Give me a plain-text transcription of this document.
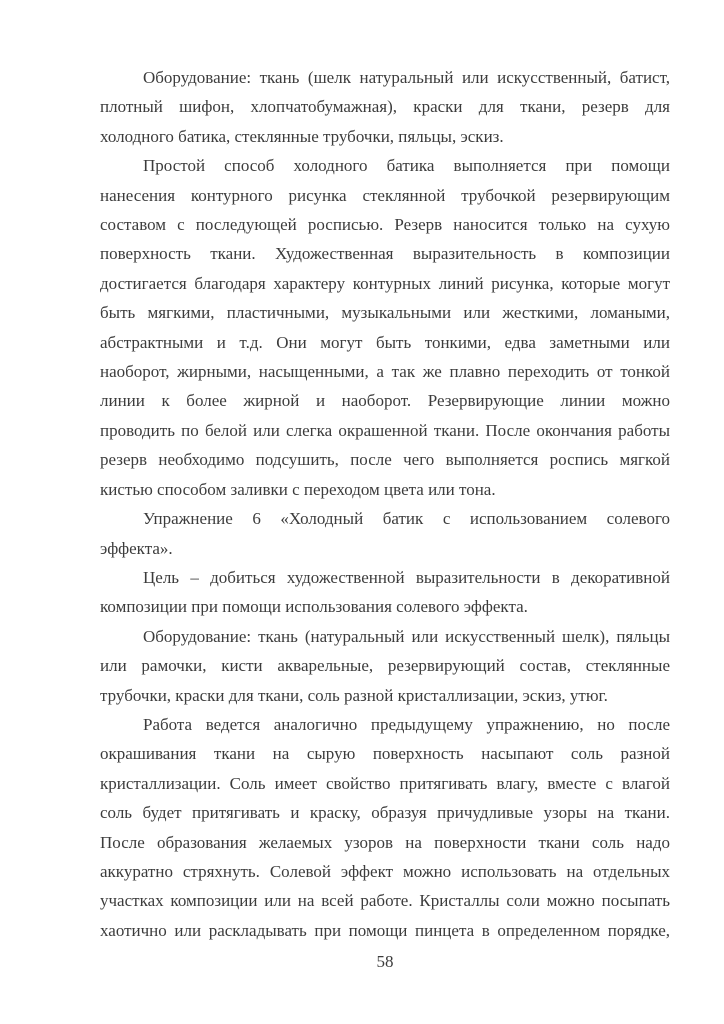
Оборудование: ткань (шелк натуральный или искусственный, батист,
плотный шифон, хлопчатобумажная), краски для ткани, резерв для
холодного батика, стеклянные трубочки, пяльцы, эскиз.
Простой способ холодного батика выполняется при помощи
нанесения контурного рисунка стеклянной трубочкой резервирующим
составом с последующей росписью. Резерв наносится только на сухую
поверхность ткани. Художественная выразительность в композиции
достигается благодаря характеру контурных линий рисунка, которые могут
быть мягкими, пластичными, музыкальными или жесткими, ломаными,
абстрактными и т.д. Они могут быть тонкими, едва заметными или
наоборот, жирными, насыщенными, а так же плавно переходить от тонкой
линии к более жирной и наоборот. Резервирующие линии можно
проводить по белой или слегка окрашенной ткани. После окончания работы
резерв необходимо подсушить, после чего выполняется роспись мягкой
кистью способом заливки с переходом цвета или тона.
Упражнение 6 «Холодный батик с использованием солевого
эффекта».
Цель – добиться художественной выразительности в декоративной
композиции при помощи использования солевого эффекта.
Оборудование: ткань (натуральный или искусственный шелк), пяльцы
или рамочки, кисти акварельные, резервирующий состав, стеклянные
трубочки, краски для ткани, соль разной кристаллизации, эскиз, утюг.
Работа ведется аналогично предыдущему упражнению, но после
окрашивания ткани на сырую поверхность насыпают соль разной
кристаллизации. Соль имеет свойство притягивать влагу, вместе с влагой
соль будет притягивать и краску, образуя причудливые узоры на ткани.
После образования желаемых узоров на поверхности ткани соль надо
аккуратно стряхнуть. Солевой эффект можно использовать на отдельных
участках композиции или на всей работе. Кристаллы соли можно посыпать
хаотично или раскладывать при помощи пинцета в определенном порядке,
58
